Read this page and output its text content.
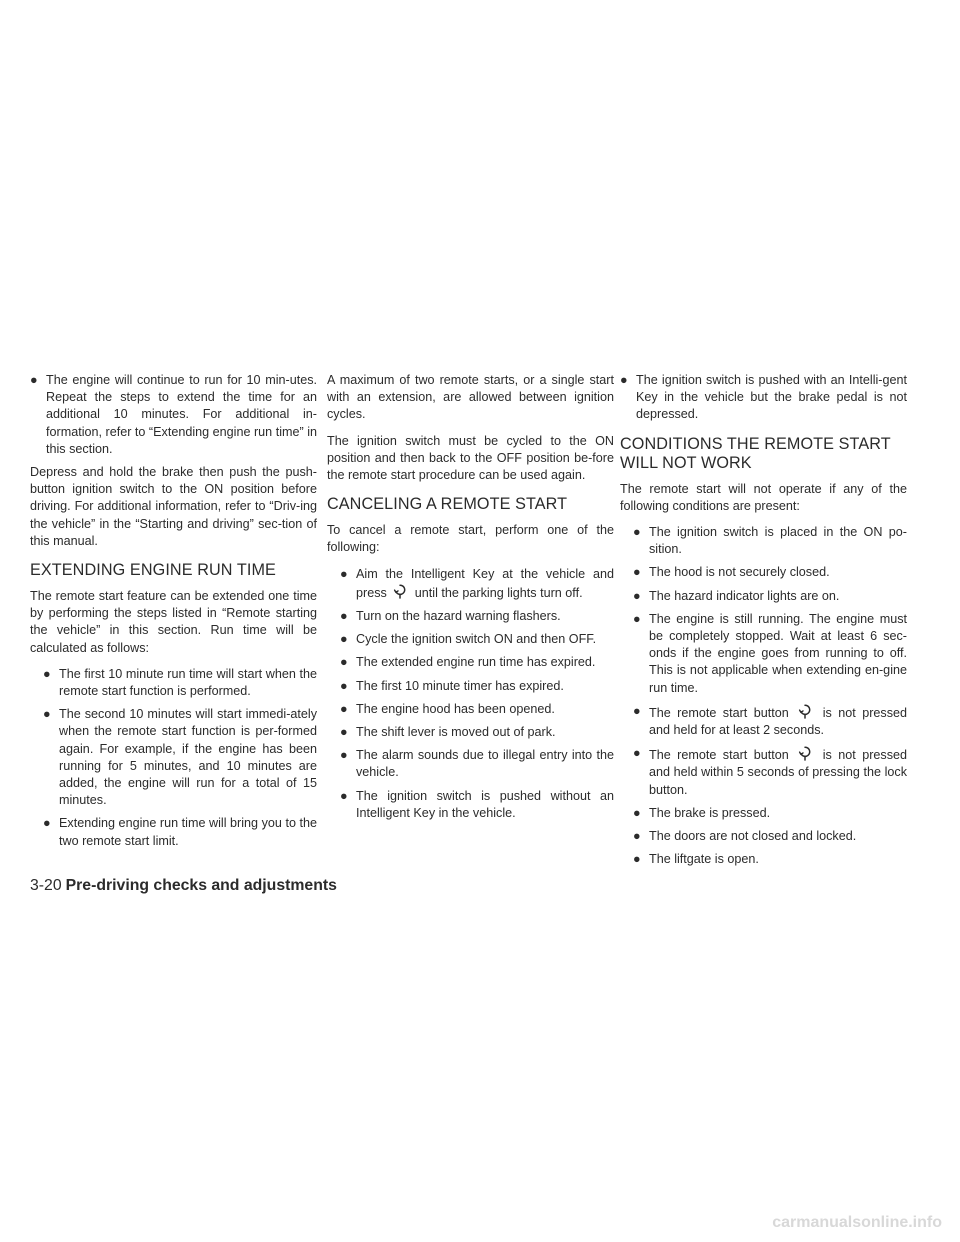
● The engine will continue to run for 10 min-utes. Repeat the steps to extend the time for an additional 10 minutes. For additional in-formation, refer to “Extending engine run time” in this section.

Depress and hold the brake then push the push-button ignition switch to the ON position before driving. For additional information, refer to “Driv-ing the vehicle” in the “Starting and driving” sec-tion of this manual.

EXTENDING ENGINE RUN TIME

The remote start feature can be extended one time by performing the steps listed in “Remote starting the vehicle” in this section. Run time will be calculated as follows:

● The first 10 minute run time will start when the remote start function is performed.
● The second 10 minutes will start immedi-ately when the remote start function is per-formed again. For example, if the engine has been running for 5 minutes, and 10 minutes are added, the engine will run for a total of 15 minutes.
● Extending engine run time will bring you to the two remote start limit.

A maximum of two remote starts, or a single start with an extension, are allowed between ignition cycles.

The ignition switch must be cycled to the ON position and then back to the OFF position be-fore the remote start procedure can be used again.

CANCELING A REMOTE START

To cancel a remote start, perform one of the following:

● Aim the Intelligent Key at the vehicle and press until the parking lights turn off.
● Turn on the hazard warning flashers.
● Cycle the ignition switch ON and then OFF.
● The extended engine run time has expired.
● The first 10 minute timer has expired.
● The engine hood has been opened.
● The shift lever is moved out of park.
● The alarm sounds due to illegal entry into the vehicle.
● The ignition switch is pushed without an Intelligent Key in the vehicle.
● The ignition switch is pushed with an Intelli-gent Key in the vehicle but the brake pedal is not depressed.
CONDITIONS THE REMOTE START
WILL NOT WORK

The remote start will not operate if any of the following conditions are present:

● The ignition switch is placed in the ON po-sition.
● The hood is not securely closed.
● The hazard indicator lights are on.
● The engine is still running. The engine must be completely stopped. Wait at least 6 sec-onds if the engine goes from running to off. This is not applicable when extending en-gine run time.
● The remote start button	is not pressed and held for at least 2 seconds.
● The remote start button	is not pressed and held within 5 seconds of pressing the lock button.
● The brake is pressed.
● The doors are not closed and locked.
● The liftgate is open.
3-20 Pre-driving checks and adjustments
carmanualsonline.info
